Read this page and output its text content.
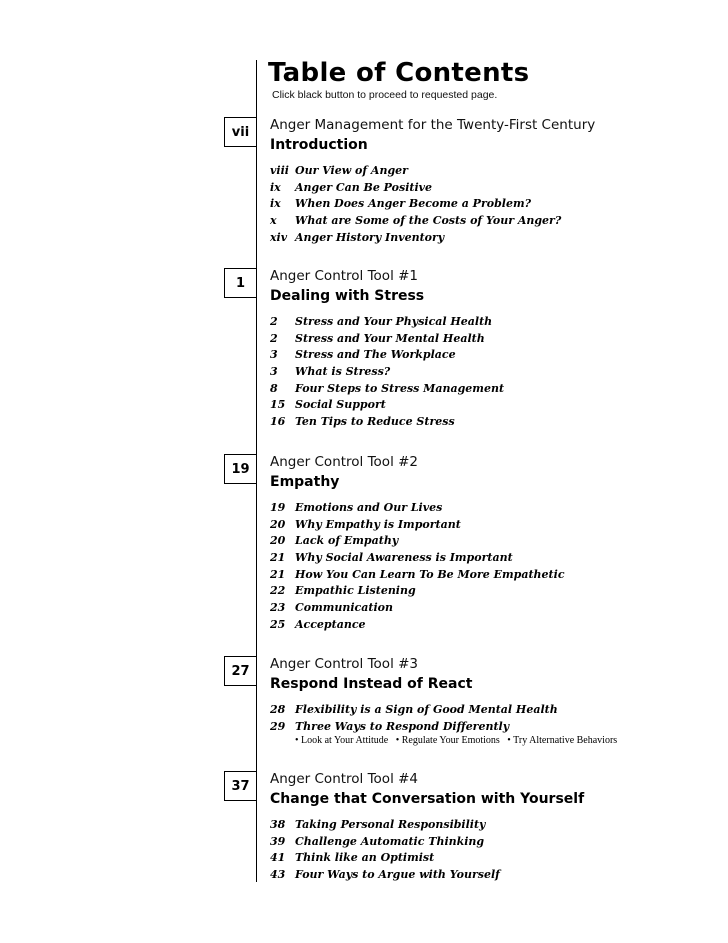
Table of Contents
Click black button to proceed to requested page.
vii	Anger Management for the Twenty-First Century
Introduction
viii Our View of Anger
ix Anger Can Be Positive
ix When Does Anger Become a Problem?
x What are Some of the Costs of Your Anger?
xiv Anger History Inventory
1	Anger Control Tool #1
Dealing with Stress
2 Stress and Your Physical Health
2 Stress and Your Mental Health
3 Stress and The Workplace
3 What is Stress?
8 Four Steps to Stress Management
15 Social Support
16 Ten Tips to Reduce Stress
19	Anger Control Tool #2
Empathy
19 Emotions and Our Lives
20 Why Empathy is Important
20 Lack of Empathy
21 Why Social Awareness is Important
21 How You Can Learn To Be More Empathetic
22 Empathic Listening
23 Communication
25 Acceptance
27	Anger Control Tool #3
Respond Instead of React
28 Flexibility is a Sign of Good Mental Health
29 Three Ways to Respond Differently
• Look at Your Attitude • Regulate Your Emotions • Try Alternative Behaviors
37	Anger Control Tool #4
Change that Conversation with Yourself
38 Taking Personal Responsibility
39 Challenge Automatic Thinking
41 Think like an Optimist
43 Four Ways to Argue with Yourself
